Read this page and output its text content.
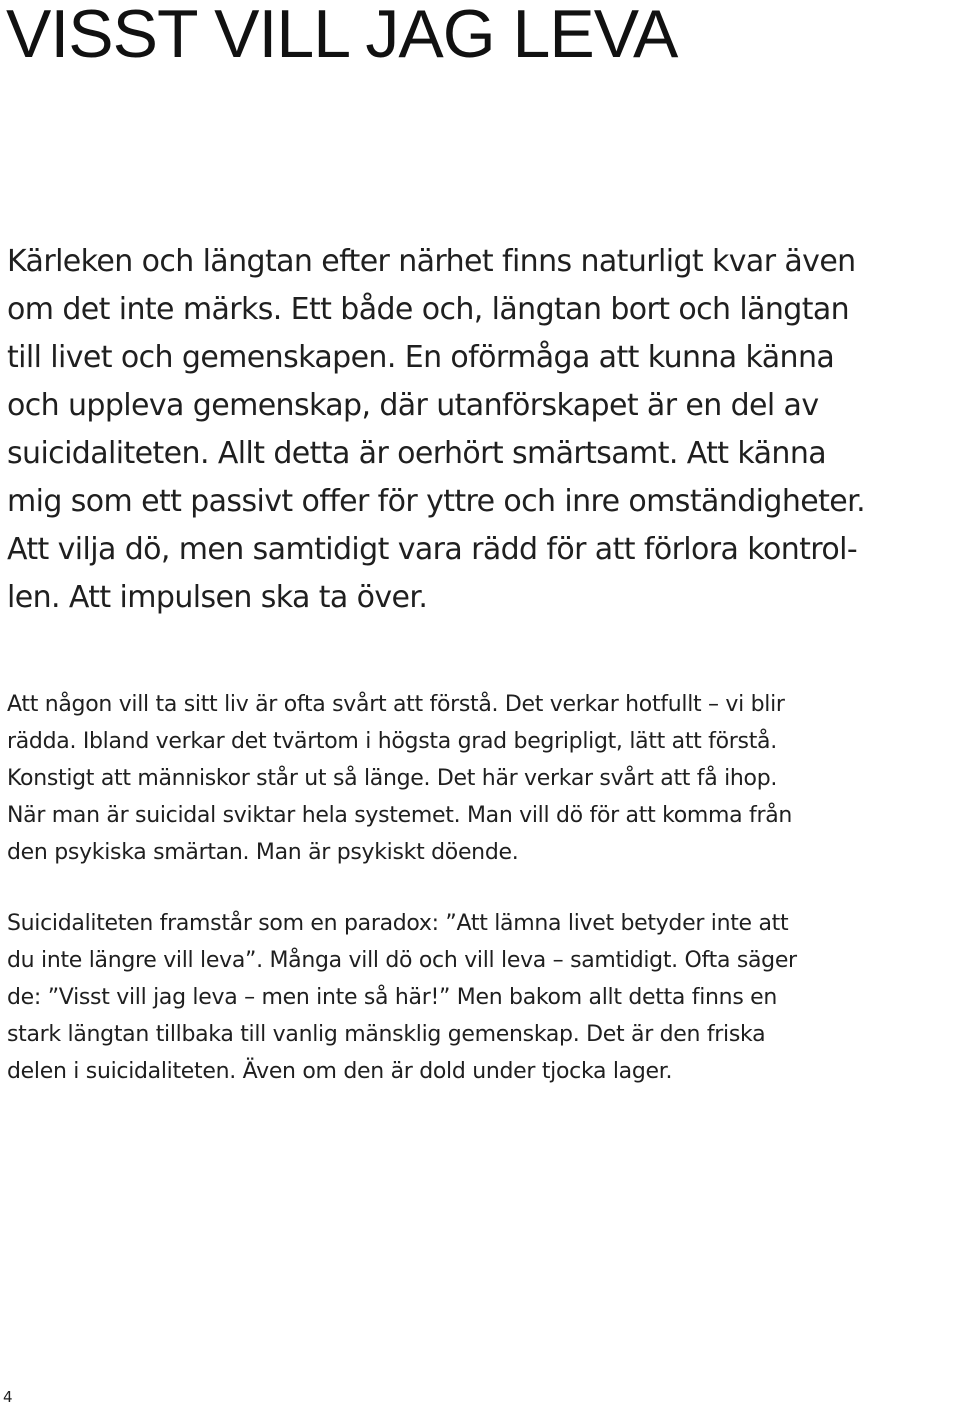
VISST VILL JAG LEVA
Kärleken och längtan efter närhet finns naturligt kvar även
om det inte märks. Ett både och, längtan bort och längtan
till livet och gemenskapen. En oförmåga att kunna känna
och uppleva gemenskap, där utanförskapet är en del av
suicidaliteten. Allt detta är oerhört smärtsamt. Att känna
mig som ett passivt offer för yttre och inre omständigheter.
Att vilja dö, men samtidigt vara rädd för att förlora kontrol-
len. Att impulsen ska ta över.
Att någon vill ta sitt liv är ofta svårt att förstå. Det verkar hotfullt – vi blir
rädda. Ibland verkar det tvärtom i högsta grad begripligt, lätt att förstå.
Konstigt att människor står ut så länge. Det här verkar svårt att få ihop.
När man är suicidal sviktar hela systemet. Man vill dö för att komma från
den psykiska smärtan. Man är psykiskt döende.
Suicidaliteten framstår som en paradox: ”Att lämna livet betyder inte att
du inte längre vill leva”. Många vill dö och vill leva – samtidigt. Ofta säger
de: ”Visst vill jag leva – men inte så här!” Men bakom allt detta finns en
stark längtan tillbaka till vanlig mänsklig gemenskap. Det är den friska
delen i suicidaliteten. Även om den är dold under tjocka lager.
4
